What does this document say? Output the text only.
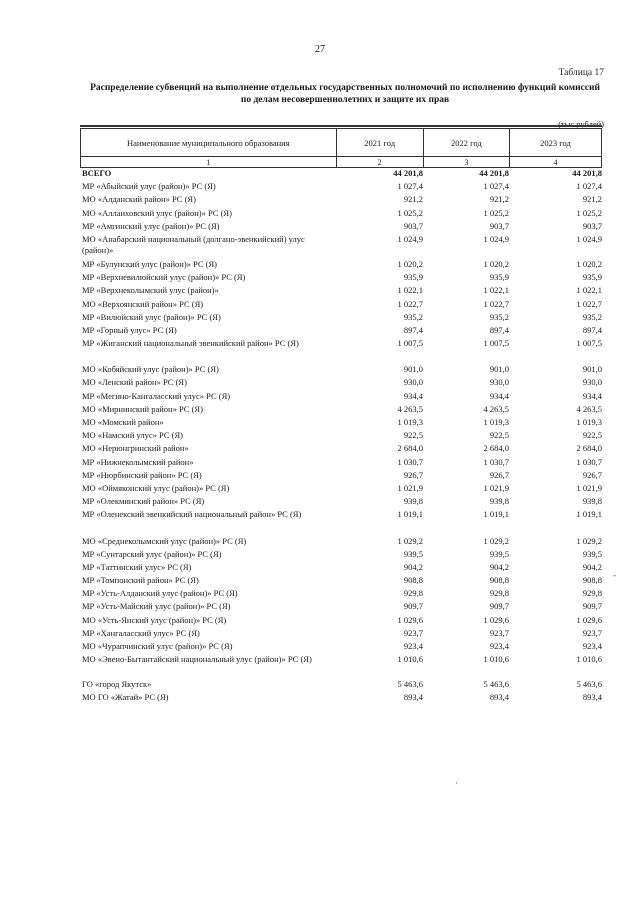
27
Таблица 17
Распределение субвенций на выполнение отдельных государственных полномочий по исполнению функций комиссий
по делам несовершеннолетних и защите их прав
(тыс.рублей)
Наименование муниципального образования	2021 год	2022 год	2023 год
1	2	3	4
ВСЕГО	44 201,8	44 201,8	44 201,8
МР «Абыйский улус (район)» РС (Я)	1 027,4	1 027,4	1 027,4
МО «Алданский район» РС (Я)	921,2	921,2	921,2
МО «Аллаиховский улус (район)» РС (Я)	1 025,2	1 025,2	1 025,2
МР «Амгинский улус (район)» РС (Я)	903,7	903,7	903,7
МО «Анабарский национальный (долгано-эвенкийский) улус (район)»
1 024,9	1 024,9	1 024,9
МР «Булунский улус (район)» РС (Я)	1 020,2	1 020,2	1 020,2
МР «Верхневилюйский улус (район)» РС (Я)	935,9	935,9	935,9
МР «Верхнеколымский улус (район)»	1 022,1	1 022,1	1 022,1
МО «Верхоянский район» РС (Я)	1 022,7	1 022,7	1 022,7
МР «Вилюйский улус (район)» РС (Я)	935,2	935,2	935,2
МР «Горный улус» РС (Я)	897,4	897,4	897,4
МР «Жиганский национальный эвенкийский район» РС (Я)	1 007,5	1 007,5	1 007,5
МО «Кобяйский улус (район)» РС (Я)	901,0	901,0	901,0
МО «Ленский район» РС (Я)	930,0	930,0	930,0
МР «Мегино-Кангаласский улус» РС (Я)	934,4	934,4	934,4
МО «Мирнинский район» РС (Я)	4 263,5	4 263,5	4 263,5
МО «Момский район»	1 019,3	1 019,3	1 019,3
МО «Намский улус» РС (Я)	922,5	922,5	922,5
МО «Нерюнгринский район»	2 684,0	2 684,0	2 684,0
МР «Нижнеколымский район»	1 030,7	1 030,7	1 030,7
МР «Нюрбинский район» РС (Я)	926,7	926,7	926,7
МО «Оймяконский улус (район)» РС (Я)	1 021,9	1 021,9	1 021,9
МР «Олекминский район» РС (Я)	939,8	939,8	939,8
МР «Оленекский эвенкийский национальный район» РС (Я)	1 019,1	1 019,1	1 019,1
МО «Среднеколымский улус (район)» РС (Я)	1 029,2	1 029,2	1 029,2
МР «Сунтарский улус (район)» РС (Я)	939,5	939,5	939,5
МР «Таттинский улус» РС (Я)	904,2	904,2	904,2
МР «Томпонский район» РС (Я)	908,8	908,8	908,8
МР «Усть-Алданский улус (район)» РС (Я)	929,8	929,8	929,8
МР «Усть-Майский улус (район)» РС (Я)	909,7	909,7	909,7
МО «Усть-Янский улус (район)» РС (Я)	1 029,6	1 029,6	1 029,6
МР «Хангаласский улус» РС (Я)	923,7	923,7	923,7
МО «Чурапчинский улус (район)» РС (Я)	923,4	923,4	923,4
МО «Эвено-Бытантайский национальный улус (район)» РС (Я)	1 010,6	1 010,6	1 010,6
ГО «город Якутск»	5 463,6	5 463,6	5 463,6
МО ГО «Жатай» РС (Я)	893,4	893,4	893,4
-
·
